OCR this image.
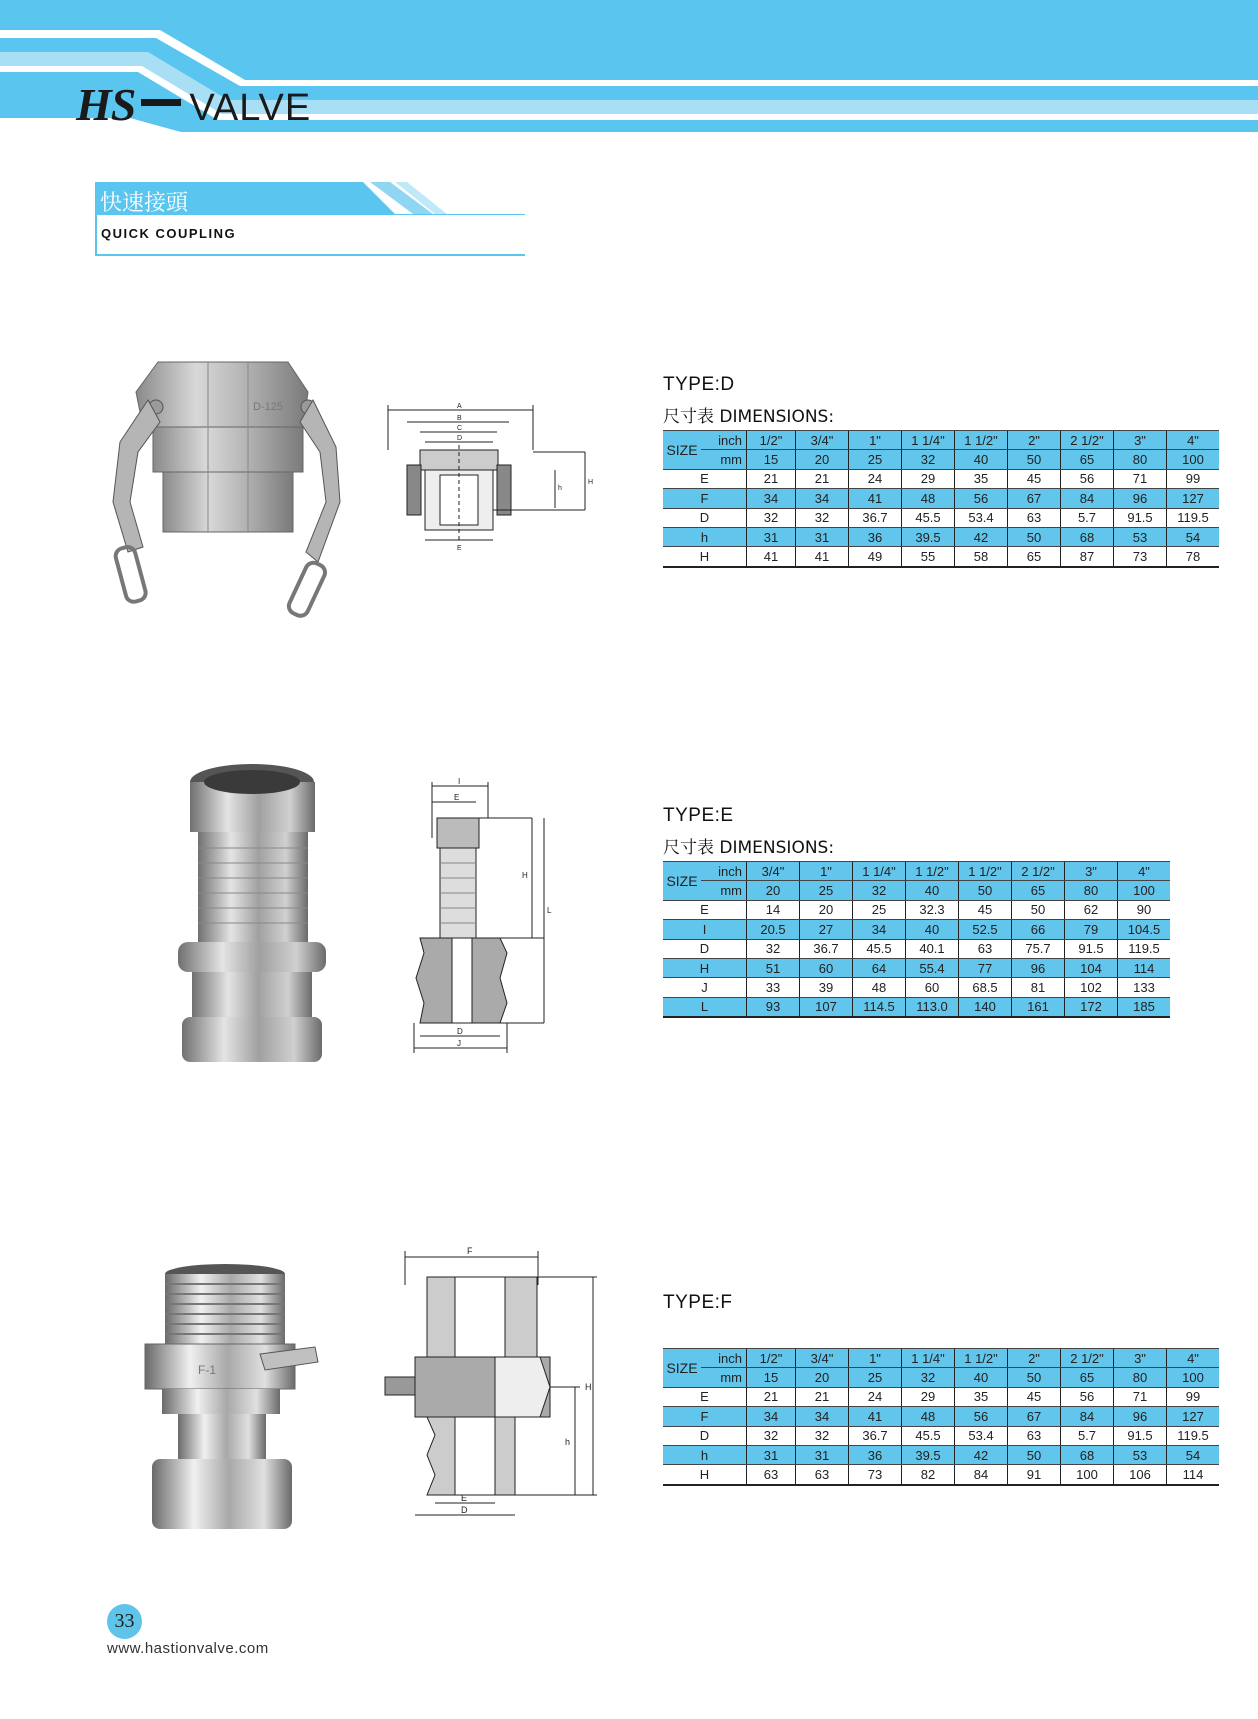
HS VALVE
快速接頭
QUICK COUPLING
D-125	A
B
C
D
E
h
H
TYPE:D
尺寸表 DIMENSIONS:
SIZE	inch	1/2"	3/4"	1"	1 1/4"	1 1/2"	2"	2 1/2"	3"	4"
	mm	15	20	25	32	40	50	65	80	100
E		21	21	24	29	35	45	56	71	99
F		34	34	41	48	56	67	84	96	127
D		32	32	36.7	45.5	53.4	63	5.7	91.5	119.5
h		31	31	36	39.5	42	50	68	53	54
H		41	41	49	55	58	65	87	73	78
I
E
H
L
D
J
TYPE:E
尺寸表 DIMENSIONS:
SIZE	inch	3/4"	1"	1 1/4"	1 1/2"	1 1/2"	2 1/2"	3"	4"
	mm	20	25	32	40	50	65	80	100
E		14	20	25	32.3	45	50	62	90
I		20.5	27	34	40	52.5	66	79	104.5
D		32	36.7	45.5	40.1	63	75.7	91.5	119.5
H		51	60	64	55.4	77	96	104	114
J		33	39	48	60	68.5	81	102	133
L		93	107	114.5	113.0	140	161	172	185
F-1
F
h
H
E
D
TYPE:F
SIZE	inch	1/2"	3/4"	1"	1 1/4"	1 1/2"	2"	2 1/2"	3"	4"
	mm	15	20	25	32	40	50	65	80	100
E		21	21	24	29	35	45	56	71	99
F		34	34	41	48	56	67	84	96	127
D		32	32	36.7	45.5	53.4	63	5.7	91.5	119.5
h		31	31	36	39.5	42	50	68	53	54
H		63	63	73	82	84	91	100	106	114
33
www.hastionvalve.com
